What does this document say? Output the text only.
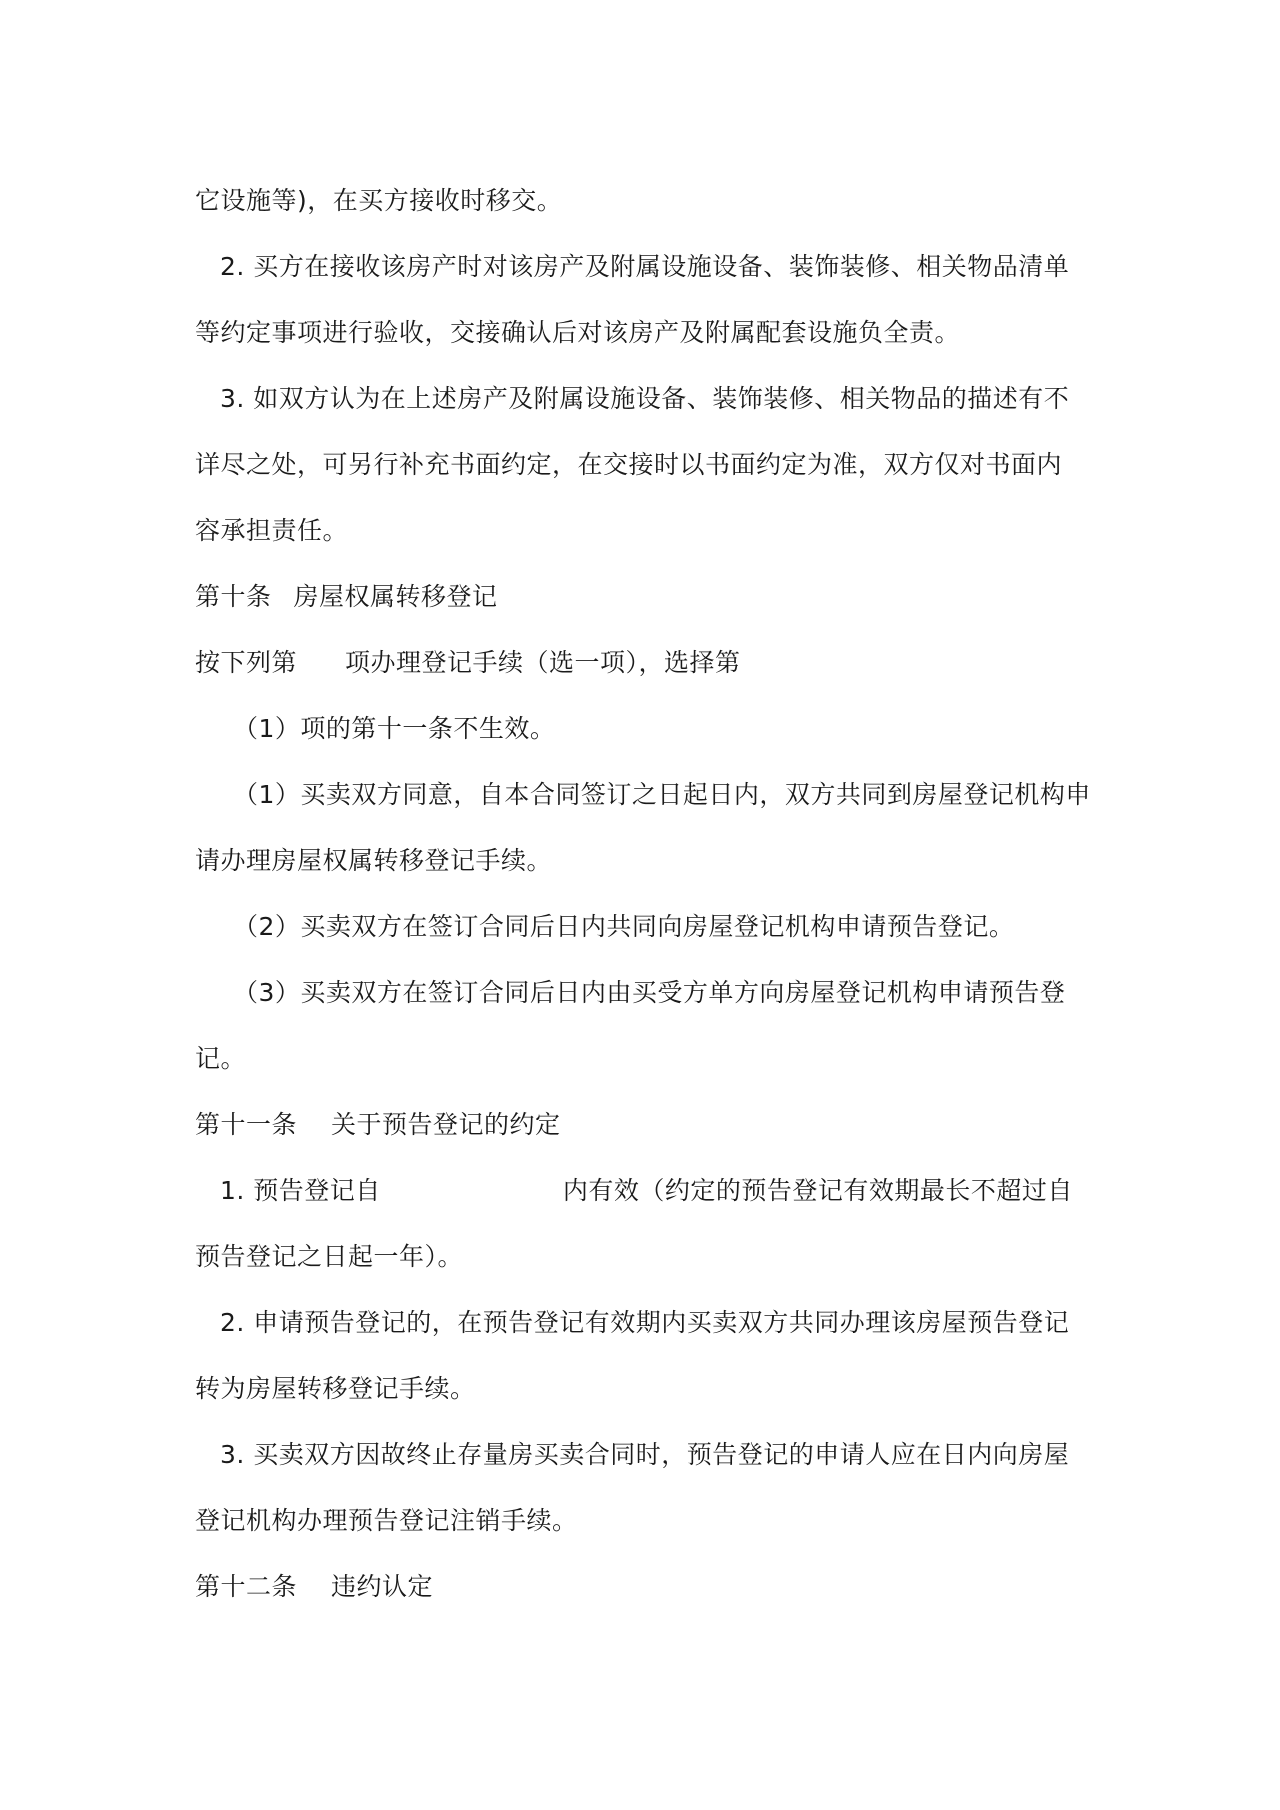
它设施等)，在买方接收时移交。
2. 买方在接收该房产时对该房产及附属设施设备、装饰装修、相关物品清单
等约定事项进行验收，交接确认后对该房产及附属配套设施负全责。
3. 如双方认为在上述房产及附属设施设备、装饰装修、相关物品的描述有不
详尽之处，可另行补充书面约定，在交接时以书面约定为准，双方仅对书面内
容承担责任。
第十条 房屋权属转移登记
按下列第 项办理登记手续（选一项），选择第
（1）项的第十一条不生效。
（1）买卖双方同意，自本合同签订之日起日内，双方共同到房屋登记机构申
请办理房屋权属转移登记手续。
（2）买卖双方在签订合同后日内共同向房屋登记机构申请预告登记。
（3）买卖双方在签订合同后日内由买受方单方向房屋登记机构申请预告登
记。
第十一条 关于预告登记的约定
1. 预告登记自	内有效（约定的预告登记有效期最长不超过自
预告登记之日起一年）。
2. 申请预告登记的，在预告登记有效期内买卖双方共同办理该房屋预告登记
转为房屋转移登记手续。
3. 买卖双方因故终止存量房买卖合同时，预告登记的申请人应在日内向房屋
登记机构办理预告登记注销手续。
第十二条 违约认定
